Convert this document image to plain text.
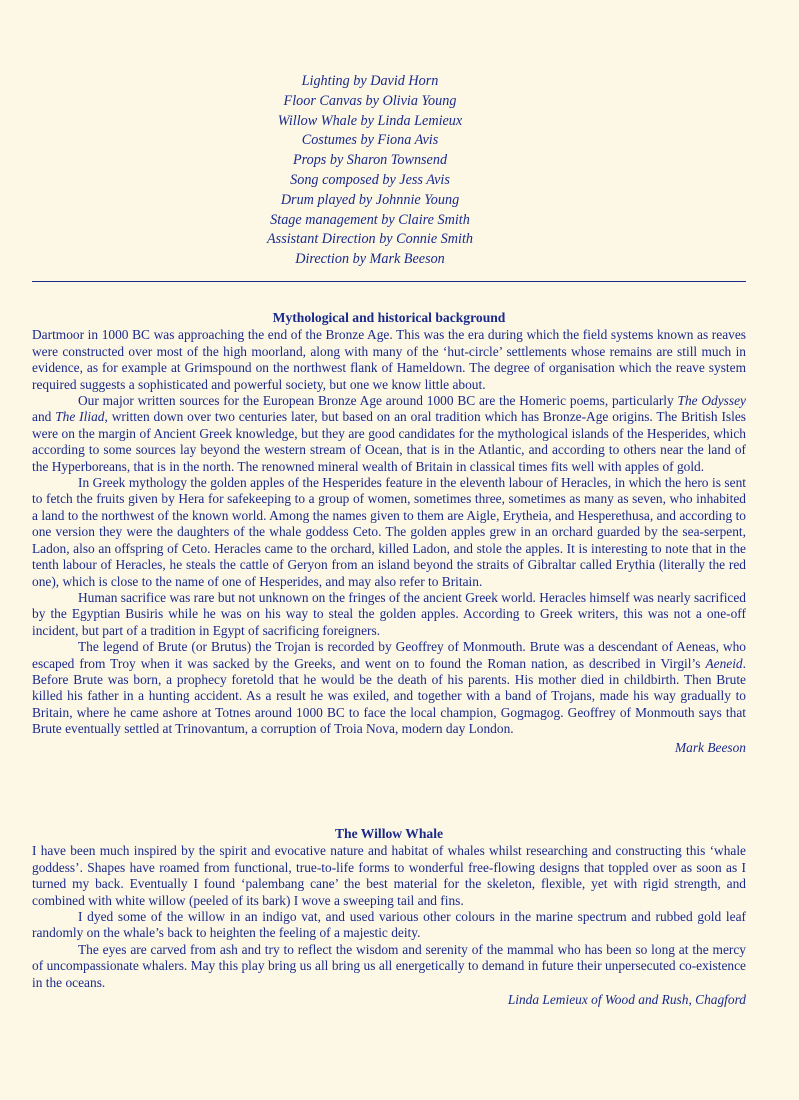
Lighting by David Horn
Floor Canvas by Olivia Young
Willow Whale by Linda Lemieux
Costumes by Fiona Avis
Props by Sharon Townsend
Song composed by Jess Avis
Drum played by Johnnie Young
Stage management by Claire Smith
Assistant Direction by Connie Smith
Direction by Mark Beeson
Mythological and historical background

Dartmoor in 1000 BC was approaching the end of the Bronze Age. This was the era during which the field systems known as reaves were constructed over most of the high moorland, along with many of the ‘hut-circle’ settlements whose remains are still much in evidence, as for example at Grimspound on the northwest flank of Hameldown. The degree of organisation which the reave system required suggests a sophisticated and powerful society, but one we know little about.

Our major written sources for the European Bronze Age around 1000 BC are the Homeric poems, particularly The Odyssey and The Iliad, written down over two centuries later, but based on an oral tradition which has Bronze-Age origins. The British Isles were on the margin of Ancient Greek knowledge, but they are good candidates for the mythological islands of the Hesperides, which according to some sources lay beyond the western stream of Ocean, that is in the Atlantic, and according to others near the land of the Hyperboreans, that is in the north. The renowned mineral wealth of Britain in classical times fits well with apples of gold.

In Greek mythology the golden apples of the Hesperides feature in the eleventh labour of Heracles, in which the hero is sent to fetch the fruits given by Hera for safekeeping to a group of women, sometimes three, sometimes as many as seven, who inhabited a land to the northwest of the known world. Among the names given to them are Aigle, Erytheia, and Hesperethusa, and according to one version they were the daughters of the whale goddess Ceto. The golden apples grew in an orchard guarded by the sea-serpent, Ladon, also an offspring of Ceto. Heracles came to the orchard, killed Ladon, and stole the apples. It is interesting to note that in the tenth labour of Heracles, he steals the cattle of Geryon from an island beyond the straits of Gibraltar called Erythia (literally the red one), which is close to the name of one of Hesperides, and may also refer to Britain.

Human sacrifice was rare but not unknown on the fringes of the ancient Greek world. Heracles himself was nearly sacrificed by the Egyptian Busiris while he was on his way to steal the golden apples. According to Greek writers, this was not a one-off incident, but part of a tradition in Egypt of sacrificing foreigners.

The legend of Brute (or Brutus) the Trojan is recorded by Geoffrey of Monmouth. Brute was a descendant of Aeneas, who escaped from Troy when it was sacked by the Greeks, and went on to found the Roman nation, as described in Virgil’s Aeneid. Before Brute was born, a prophecy foretold that he would be the death of his parents. His mother died in childbirth. Then Brute killed his father in a hunting accident. As a result he was exiled, and together with a band of Trojans, made his way gradually to Britain, where he came ashore at Totnes around 1000 BC to face the local champion, Gogmagog. Geoffrey of Monmouth says that Brute eventually settled at Trinovantum, a corruption of Troia Nova, modern day London.

Mark Beeson
The Willow Whale

I have been much inspired by the spirit and evocative nature and habitat of whales whilst researching and constructing this ‘whale goddess’. Shapes have roamed from functional, true-to-life forms to wonderful free-flowing designs that toppled over as soon as I turned my back. Eventually I found ‘palembang cane’ the best material for the skeleton, flexible, yet with rigid strength, and combined with white willow (peeled of its bark) I wove a sweeping tail and fins.

I dyed some of the willow in an indigo vat, and used various other colours in the marine spectrum and rubbed gold leaf randomly on the whale’s back to heighten the feeling of a majestic deity.

The eyes are carved from ash and try to reflect the wisdom and serenity of the mammal who has been so long at the mercy of uncompassionate whalers. May this play bring us all bring us all energetically to demand in future their unpersecuted co-existence in the oceans.

Linda Lemieux of Wood and Rush, Chagford
